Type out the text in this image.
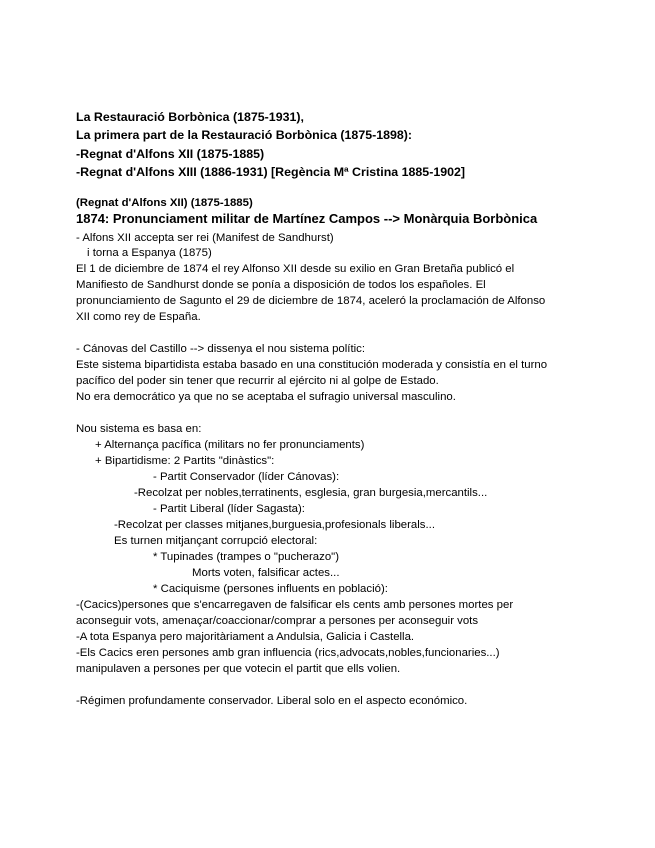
La Restauració Borbònica (1875-1931),
La primera part de la Restauració Borbònica (1875-1898):
-Regnat d'Alfons XII (1875-1885)
-Regnat d'Alfons XIII (1886-1931) [Regència Mª Cristina 1885-1902]
(Regnat d'Alfons XII) (1875-1885)
1874: Pronunciament militar de Martínez Campos --> Monàrquia Borbònica
- Alfons XII accepta ser rei (Manifest de Sandhurst)
i torna a Espanya (1875)
El 1 de diciembre de 1874 el rey Alfonso XII desde su exilio en Gran Bretaña publicó el
Manifiesto de Sandhurst donde se ponía a disposición de todos los españoles. El
pronunciamiento de Sagunto el 29 de diciembre de 1874, aceleró la proclamación de Alfonso
XII como rey de España.
- Cánovas del Castillo --> dissenya el nou sistema polític:
Este sistema bipartidista estaba basado en una constitución moderada y consistía en el turno
pacífico del poder sin tener que recurrir al ejército ni al golpe de Estado.
No era democrático ya que no se aceptaba el sufragio universal masculino.
Nou sistema es basa en:
+ Alternança pacífica (militars no fer pronunciaments)
+ Bipartidisme: 2 Partits "dinàstics":
- Partit Conservador (líder Cánovas):
-Recolzat per nobles,terratinents, esglesia, gran burgesia,mercantils...
- Partit Liberal (líder Sagasta):
-Recolzat per classes mitjanes,burguesia,profesionals liberals...
Es turnen mitjançant corrupció electoral:
* Tupinades (trampes o "pucherazo")
Morts voten, falsificar actes...
* Caciquisme (persones influents en població):
-(Cacics)persones que s'encarregaven de falsificar els cents amb persones mortes per
aconseguir vots, amenaçar/coaccionar/comprar a persones per aconseguir vots
-A tota Espanya pero majoritàriament a Andulsia, Galicia i Castella.
-Els Cacics eren persones amb gran influencia (rics,advocats,nobles,funcionaries...)
manipulaven a persones per que votecin el partit que ells volien.
-Régimen profundamente conservador. Liberal solo en el aspecto económico.
